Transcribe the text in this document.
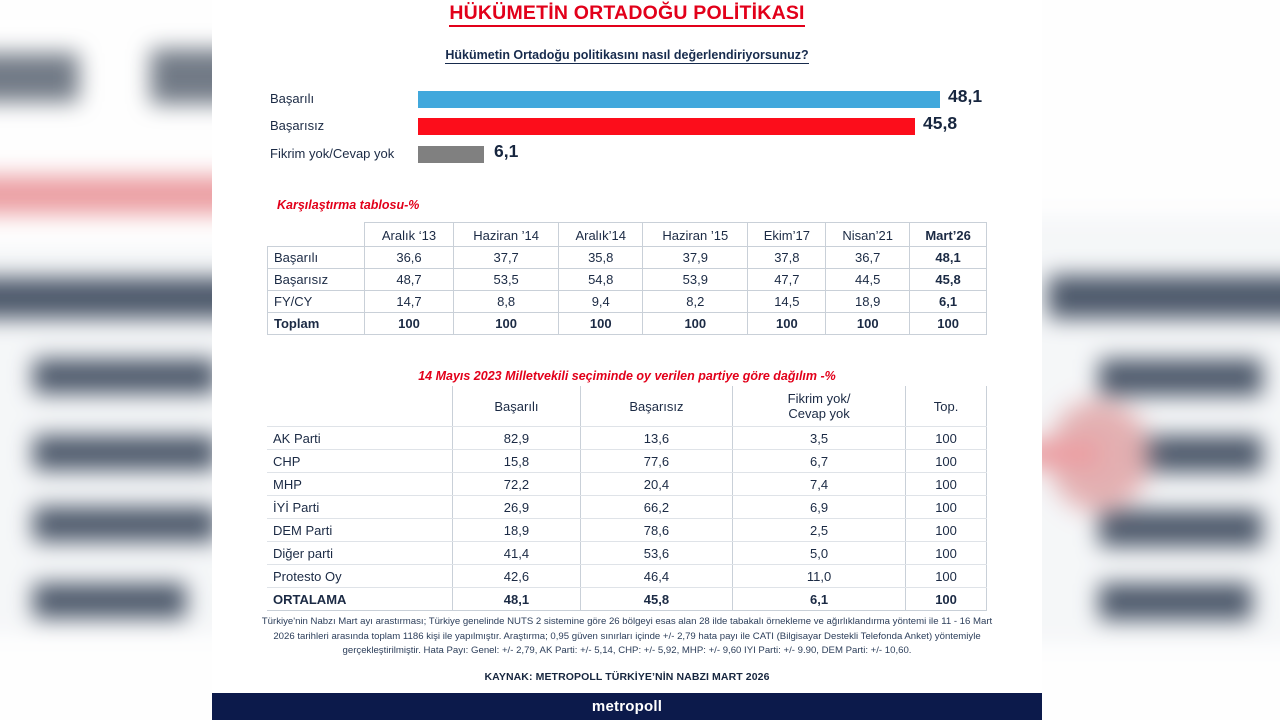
HÜKÜMETİN ORTADOĞU POLİTİKASI
Hükümetin Ortadoğu politikasını nasıl değerlendiriyorsunuz?
Başarılı	48,1
Başarısız	45,8
Fikrim yok/Cevap yok	6,1
Karşılaştırma tablosu-%
	Aralık ‘13	Haziran ’14	Aralık’14	Haziran ’15	Ekim’17	Nisan’21	Mart’26
Başarılı	36,6	37,7	35,8	37,9	37,8	36,7	48,1
Başarısız	48,7	53,5	54,8	53,9	47,7	44,5	45,8
FY/CY	14,7	8,8	9,4	8,2	14,5	18,9	6,1
Toplam	100	100	100	100	100	100	100
14 Mayıs 2023 Milletvekili seçiminde oy verilen partiye göre dağılım -%
	Başarılı	Başarısız	Fikrim yok/
Cevap yok	Top.
AK Parti	82,9	13,6	3,5	100
CHP	15,8	77,6	6,7	100
MHP	72,2	20,4	7,4	100
İYİ Parti	26,9	66,2	6,9	100
DEM Parti	18,9	78,6	2,5	100
Diğer parti	41,4	53,6	5,0	100
Protesto Oy	42,6	46,4	11,0	100
ORTALAMA	48,1	45,8	6,1	100
Türkiye'nin Nabzı Mart ayı arastırması; Türkiye genelinde NUTS 2 sistemine göre 26 bölgeyi esas alan 28 ilde tabakalı örnekleme ve ağırlıklandırma yöntemi ile 11 - 16 Mart 2026 tarihleri arasında toplam 1186 kişi ile yapılmıştır. Araştırma; 0,95 güven sınırları içinde +/- 2,79 hata payı ile CATI (Bilgisayar Destekli Telefonda Anket) yöntemiyle gerçekleştirilmiştir. Hata Payı: Genel: +/- 2,79, AK Parti: +/- 5,14, CHP: +/- 5,92, MHP: +/- 9,60 IYI Parti: +/- 9.90, DEM Parti: +/- 10,60.
KAYNAK: METROPOLL TÜRKİYE’NİN NABZI MART 2026
metropoll
